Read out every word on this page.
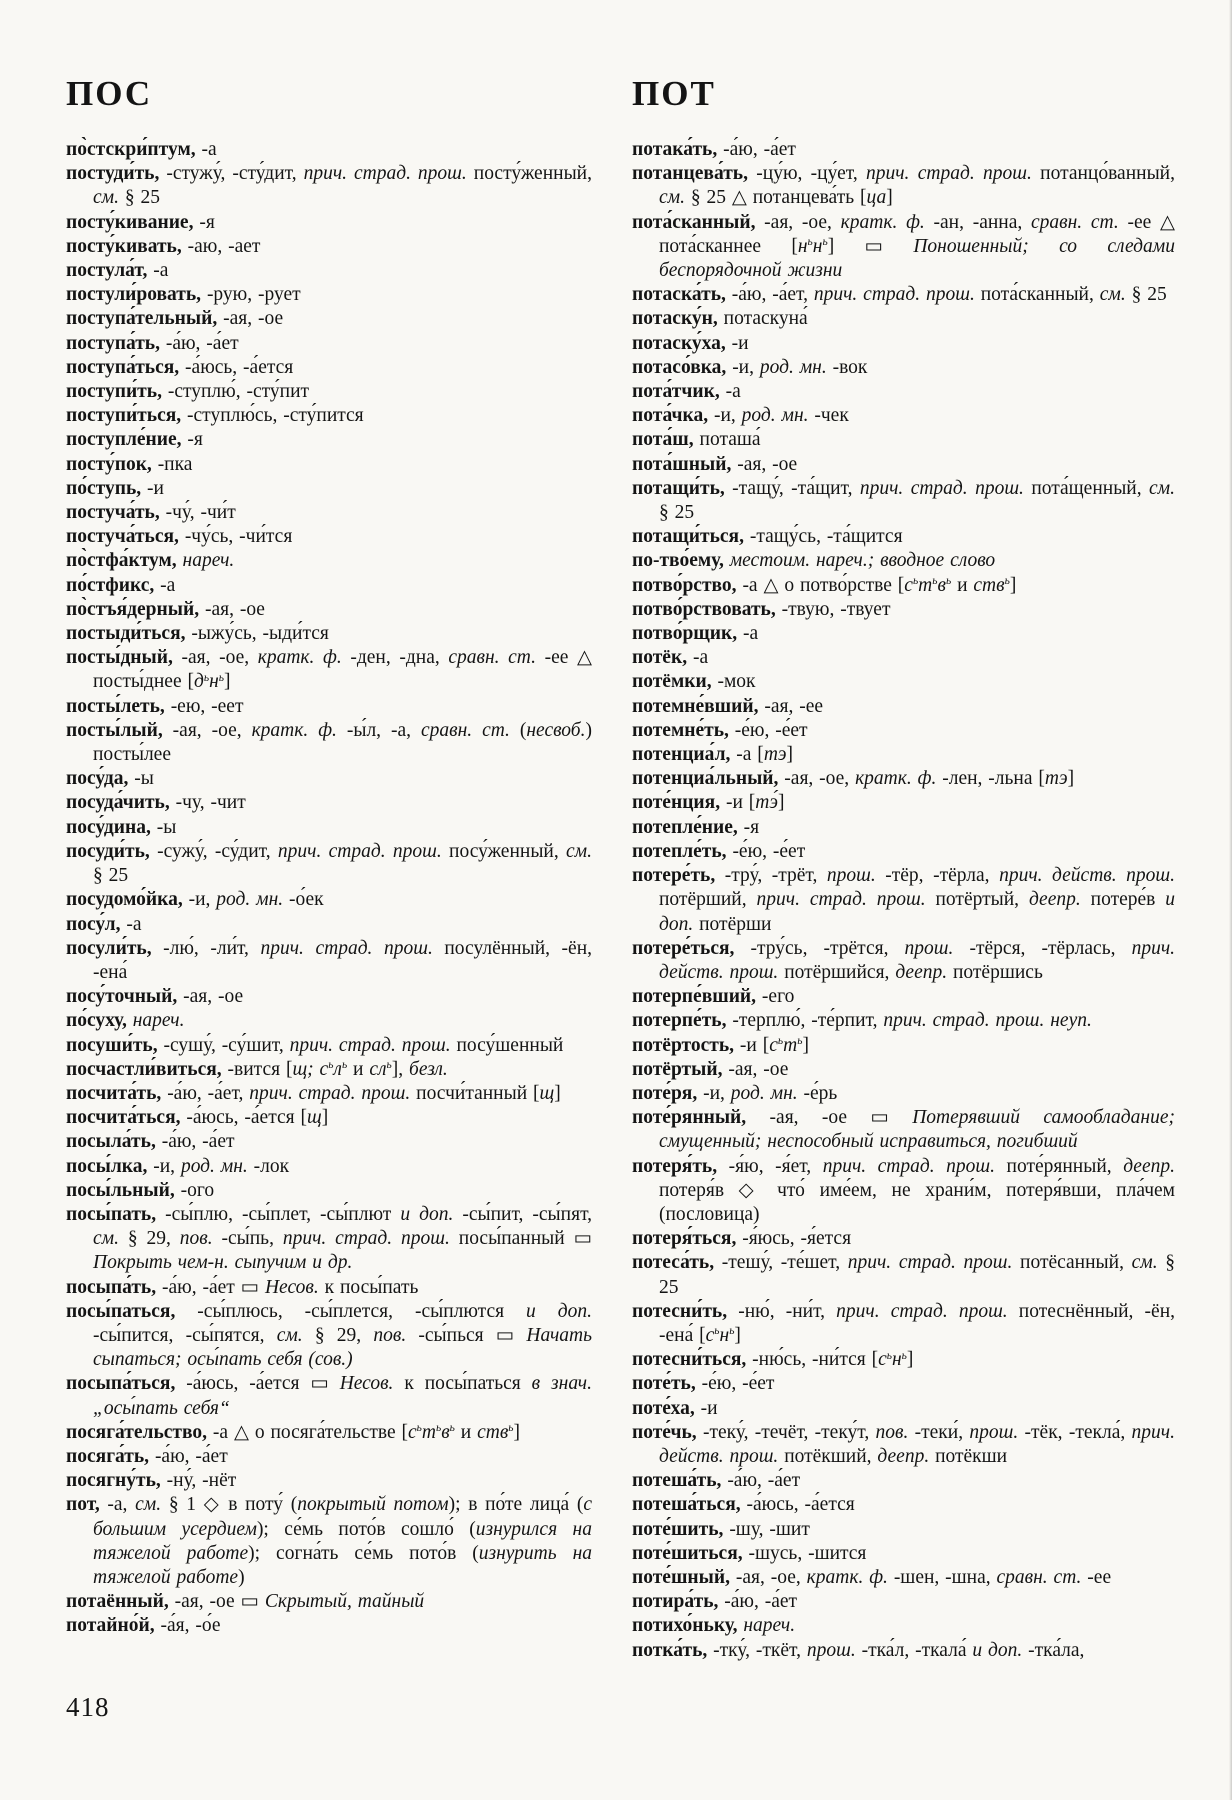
ПОС

по̀стскри́птум, -а

постуди́ть, -стужу́, -сту́дит, прич. страд. прош. посту́женный, см. § 25

посту́кивание, -я

посту́кивать, -аю, -ает

постула́т, -а

постули́ровать, -рую, -рует

поступа́тельный, -ая, -ое

поступа́ть, -а́ю, -а́ет

поступа́ться, -а́юсь, -а́ется

поступи́ть, -ступлю́, -сту́пит

поступи́ться, -ступлю́сь, -сту́пится

поступле́ние, -я

посту́пок, -пка

по́ступь, -и

постуча́ть, -чу́, -чи́т

постуча́ться, -чу́сь, -чи́тся

по̀стфа́ктум, нареч.

по́стфикс, -а

по̀стъя́дерный, -ая, -ое

постыди́ться, -ыжу́сь, -ыди́тся

посты́дный, -ая, -ое, кратк. ф. -ден, -дна, сравн. ст. -ее △ посты́днее $[д^ьн^ь]$

посты́леть, -ею, -еет

посты́лый, -ая, -ое, кратк. ф. -ы́л, -а, сравн. ст. (несвоб.) посты́лее

посу́да, -ы

посуда́чить, -чу, -чит

посу́дина, -ы

посуди́ть, -сужу́, -су́дит, прич. страд. прош. посу́женный, см. § 25

посудомо́йка, -и, род. мн. -о́ек

посу́л, -а

посули́ть, -лю́, -ли́т, прич. страд. прош. посулённый, -ён, -ена́

посу́точный, -ая, -ое

по́суху, нареч.

посуши́ть, -сушу́, -су́шит, прич. страд. прош. посу́шенный

посчастли́виться, -вится [щ; $с^ьл^ь$ и $сл^ь$], безл.

посчита́ть, -а́ю, -а́ет, прич. страд. прош. посчи́танный [щ]

посчита́ться, -а́юсь, -а́ется [щ]

посыла́ть, -а́ю, -а́ет

посы́лка, -и, род. мн. -лок

посы́льный, -ого

посы́пать, -сы́плю, -сы́плет, -сы́плют и доп. -сы́пит, -сы́пят, см. § 29, пов. -сы́пь, прич. страд. прош. посы́панный ▭ Покрыть чем-н. сыпучим и др.

посыпа́ть, -а́ю, -а́ет ▭ Несов. к посы́пать

посы́паться, -сы́плюсь, -сы́плется, -сы́плются и доп. -сы́пится, -сы́пятся, см. § 29, пов. -сы́пься ▭ Начать сыпаться; осы́пать себя (сов.)

посыпа́ться, -а́юсь, -а́ется ▭ Несов. к посы́паться в знач. „осы́пать себя“

посяга́тельство, -а △ о посяга́тельстве [$с^ьт^ьв^ь$ и ств$^ь$]

посяга́ть, -а́ю, -а́ет

посягну́ть, -ну́, -нёт

пот, -а, см. § 1 ◇ в поту́ (покрытый потом); в по́те лица́ (с большим усердием); се́мь пото́в сошло́ (изнурился на тяжелой работе); согна́ть се́мь пото́в (изнурить на тяжелой работе)

потаённый, -ая, -ое ▭ Скрытый, тайный

потайно́й, -а́я, -о́е

ПОТ

потака́ть, -а́ю, -а́ет

потанцева́ть, -цу́ю, -цу́ет, прич. страд. прош. потанцо́ванный, см. § 25 △ потанцева́ть [ца]

пота́сканный, -ая, -ое, кратк. ф. -ан, -анна, сравн. ст. -ее △ пота́сканнее $[н^ьн^ь]$ ▭ Поношенный; со следами беспорядочной жизни

потаска́ть, -а́ю, -а́ет, прич. страд. прош. пота́сканный, см. § 25

потаску́н, потаскуна́

потаску́ха, -и

потасо́вка, -и, род. мн. -вок

пота́тчик, -а

пота́чка, -и, род. мн. -чек

пота́ш, поташа́

пота́шный, -ая, -ое

потащи́ть, -тащу́, -та́щит, прич. страд. прош. пота́щенный, см. § 25

потащи́ться, -тащу́сь, -та́щится

по-тво́ему, местоим. нареч.; вводное слово

потво́рство, -а △ о потво́рстве [$с^ьт^ьв^ь$ и ств$^ь$]

потво́рствовать, -твую, -твует

потво́рщик, -а

потёк, -а

потёмки, -мок

потемне́вший, -ая, -ее

потемне́ть, -е́ю, -е́ет

потенциа́л, -а [тэ]

потенциа́льный, -ая, -ое, кратк. ф. -лен, -льна [тэ]

поте́нция, -и [тэ́]

потепле́ние, -я

потепле́ть, -е́ю, -е́ет

потере́ть, -тру́, -трёт, прош. -тёр, -тёрла, прич. действ. прош. потёрший, прич. страд. прош. потёртый, деепр. потере́в и доп. потёрши

потере́ться, -тру́сь, -трётся, прош. -тёрся, -тёрлась, прич. действ. прош. потёршийся, деепр. потёршись

потерпе́вший, -его

потерпе́ть, -терплю́, -те́рпит, прич. страд. прош. неуп.

потёртость, -и $[с^ьт^ь]$

потёртый, -ая, -ое

поте́ря, -и, род. мн. -е́рь

поте́рянный, -ая, -ое ▭ Потерявший самообладание; смущенный; неспособный исправиться, погибший

потеря́ть, -я́ю, -я́ет, прич. страд. прош. поте́рянный, деепр. потеря́в ◇ что́ име́ем, не храни́м, потеря́вши, пла́чем (пословица)

потеря́ться, -я́юсь, -я́ется

потеса́ть, -тешу́, -те́шет, прич. страд. прош. потёсанный, см. § 25

потесни́ть, -ню́, -ни́т, прич. страд. прош. потеснённый, -ён, -ена́ $[с^ьн^ь]$

потесни́ться, -ню́сь, -ни́тся $[с^ьн^ь]$

поте́ть, -е́ю, -е́ет

поте́ха, -и

поте́чь, -теку́, -течёт, -теку́т, пов. -теки́, прош. -тёк, -текла́, прич. действ. прош. потёкший, деепр. потёкши

потеша́ть, -а́ю, -а́ет

потеша́ться, -а́юсь, -а́ется

поте́шить, -шу, -шит

поте́шиться, -шусь, -шится

поте́шный, -ая, -ое, кратк. ф. -шен, -шна, сравн. ст. -ее

потира́ть, -а́ю, -а́ет

потихо́ньку, нареч.

потка́ть, -тку́, -ткёт, прош. -тка́л, -ткала́ и доп. -тка́ла,

418
